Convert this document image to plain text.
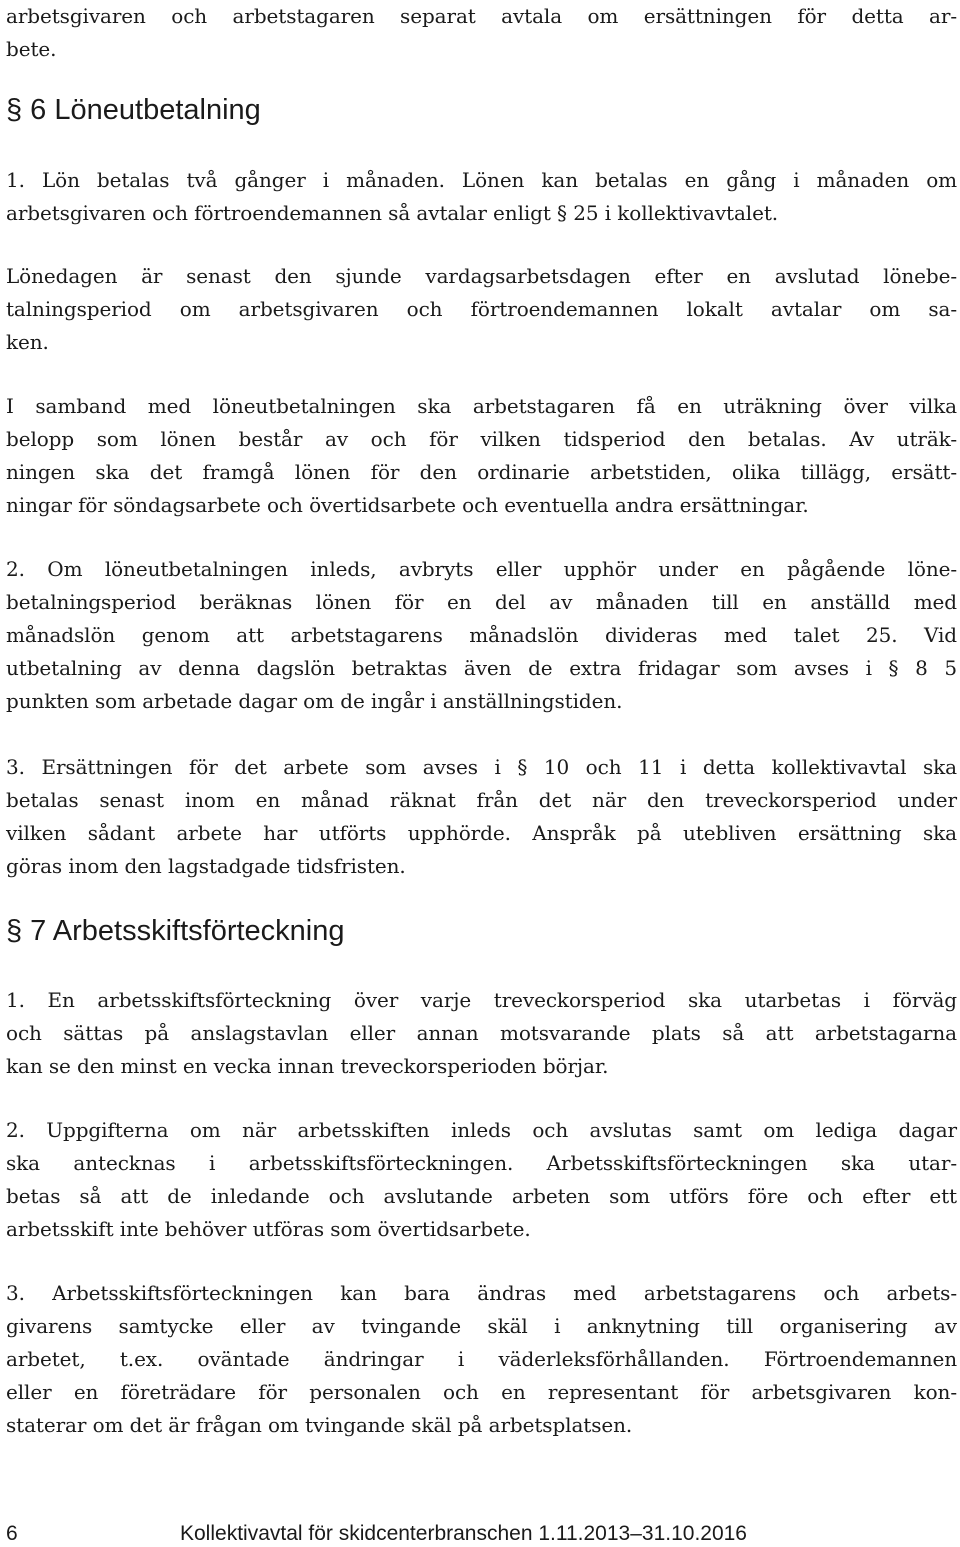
arbetsgivaren och arbetstagaren separat avtala om ersättningen för detta ar-
bete.
§ 6 Löneutbetalning
1. Lön betalas två gånger i månaden. Lönen kan betalas en gång i månaden om
arbetsgivaren och förtroendemannen så avtalar enligt § 25 i kollektivavtalet.
Lönedagen är senast den sjunde vardagsarbetsdagen efter en avslutad lönebe-
talningsperiod om arbetsgivaren och förtroendemannen lokalt avtalar om sa-
ken.
I samband med löneutbetalningen ska arbetstagaren få en uträkning över vilka
belopp som lönen består av och för vilken tidsperiod den betalas. Av uträk-
ningen ska det framgå lönen för den ordinarie arbetstiden, olika tillägg, ersätt-
ningar för söndagsarbete och övertidsarbete och eventuella andra ersättningar.
2. Om löneutbetalningen inleds, avbryts eller upphör under en pågående löne-
betalningsperiod beräknas lönen för en del av månaden till en anställd med
månadslön genom att arbetstagarens månadslön divideras med talet 25. Vid
utbetalning av denna dagslön betraktas även de extra fridagar som avses i § 8 5
punkten som arbetade dagar om de ingår i anställningstiden.
3. Ersättningen för det arbete som avses i § 10 och 11 i detta kollektivavtal ska
betalas senast inom en månad räknat från det när den treveckorsperiod under
vilken sådant arbete har utförts upphörde. Anspråk på utebliven ersättning ska
göras inom den lagstadgade tidsfristen.
§ 7 Arbetsskiftsförteckning
1. En arbetsskiftsförteckning över varje treveckorsperiod ska utarbetas i förväg
och sättas på anslagstavlan eller annan motsvarande plats så att arbetstagarna
kan se den minst en vecka innan treveckorsperioden börjar.
2. Uppgifterna om när arbetsskiften inleds och avslutas samt om lediga dagar
ska antecknas i arbetsskiftsförteckningen. Arbetsskiftsförteckningen ska utar-
betas så att de inledande och avslutande arbeten som utförs före och efter ett
arbetsskift inte behöver utföras som övertidsarbete.
3. Arbetsskiftsförteckningen kan bara ändras med arbetstagarens och arbets-
givarens samtycke eller av tvingande skäl i anknytning till organisering av
arbetet, t.ex. oväntade ändringar i väderleksförhållanden. Förtroendemannen
eller en företrädare för personalen och en representant för arbetsgivaren kon-
staterar om det är frågan om tvingande skäl på arbetsplatsen.
6	Kollektivavtal för skidcenterbranschen 1.11.2013–31.10.2016
